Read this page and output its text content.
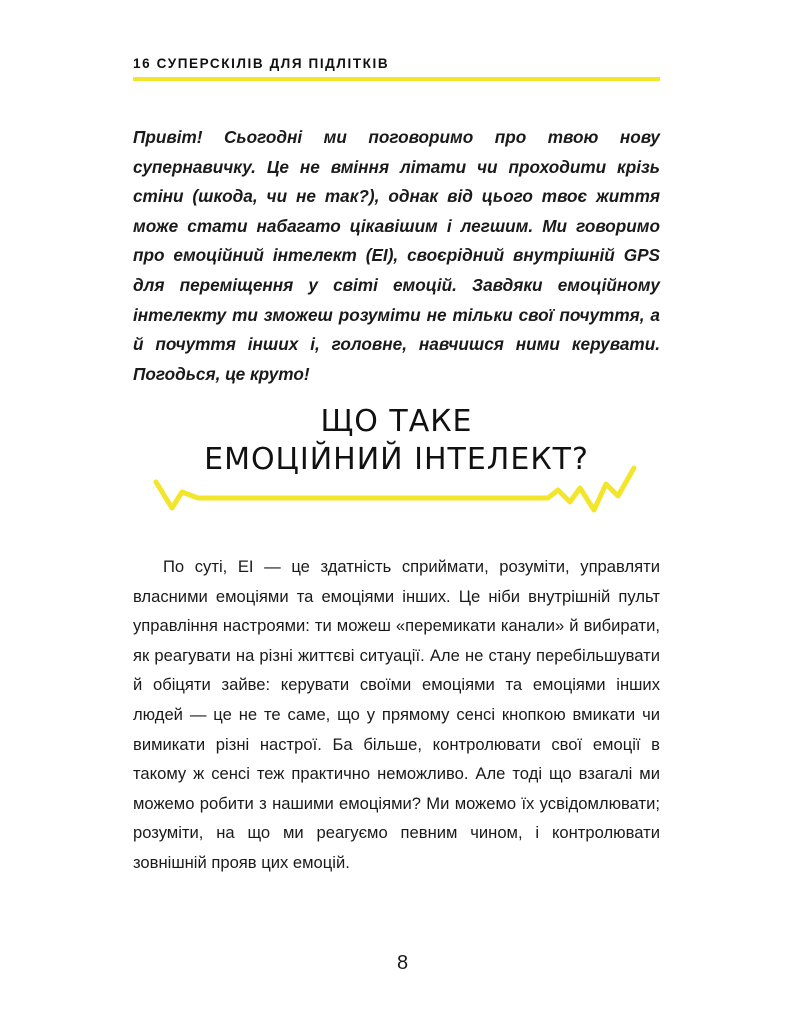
16 СУПЕРСКІЛІВ ДЛЯ ПІДЛІТКІВ

Привіт! Сьогодні ми поговоримо про твою нову супернавичку. Це не вміння літати чи проходити крізь стіни (шкода, чи не так?), однак від цього твоє життя може стати набагато цікавішим і легшим. Ми говоримо про емоційний інтелект (ЕІ), своєрідний внутрішній GPS для переміщення у світі емоцій. Завдяки емоційному інтелекту ти зможеш розуміти не тільки свої почуття, а й почуття інших і, головне, навчишся ними керувати. Погодься, це круто!

ЩО ТАКЕ
ЕМОЦІЙНИЙ ІНТЕЛЕКТ?

По суті, ЕІ — це здатність сприймати, розуміти, управляти власними емоціями та емоціями інших. Це ніби внутрішній пульт управління настроями: ти можеш «перемикати канали» й вибирати, як реагувати на різні життєві ситуації. Але не стану перебільшувати й обіцяти зайве: керувати своїми емоціями та емоціями інших людей — це не те саме, що у прямому сенсі кнопкою вмикати чи вимикати різні настрої. Ба більше, контролювати свої емоції в такому ж сенсі теж практично неможливо. Але тоді що взагалі ми можемо робити з нашими емоціями? Ми можемо їх усвідомлювати; розуміти, на що ми реагуємо певним чином, і контролювати зовнішній прояв цих емоцій.

8
